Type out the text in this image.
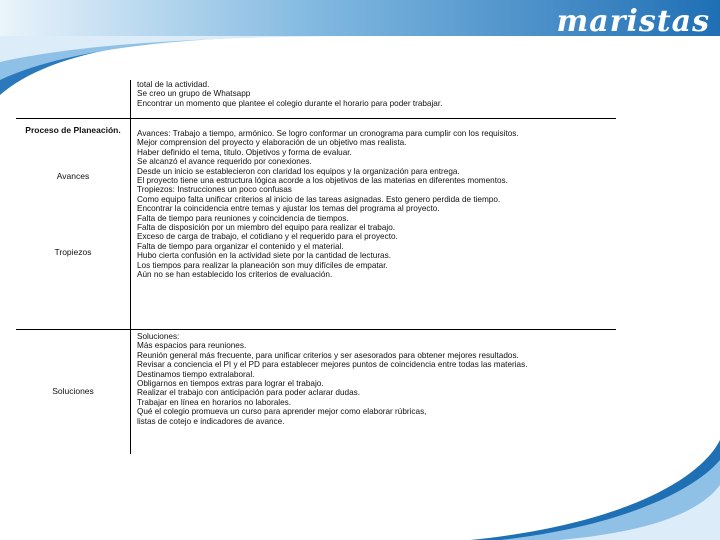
maristas
total de la actividad.
Se creo un grupo de Whatsapp
Encontrar un momento que plantee el colegio durante el horario para poder trabajar.
Proceso de Planeación.
Avances
Tropiezos
Avances: Trabajo a tiempo, armónico. Se logro conformar un cronograma para cumplir con los requisitos.
Mejor comprension del proyecto y elaboración de un objetivo mas realista.
Haber definido el tema, titulo. Objetivos y forma de evaluar.
Se alcanzó el avance requerido por conexiones.
Desde un inicio se establecieron con claridad los equipos y la organización para entrega.
El proyecto tiene una estructura lógica acorde a los objetivos de las materias en diferentes momentos.
Tropiezos: Instrucciones un poco confusas
Como equipo falta unificar criterios al inicio de las tareas asignadas. Esto genero perdida de tiempo.
Encontrar la coincidencia entre temas y ajustar los temas del programa al proyecto.
Falta de tiempo para reuniones y coincidencia de tiempos.
Falta de disposición por un miembro del equipo para realizar el trabajo.
Exceso de carga de trabajo, el cotidiano y el requerido para el proyecto.
Falta de tiempo para organizar el contenido y el material.
Hubo cierta confusión en la actividad siete por la cantidad de lecturas.
Los tiempos para realizar la planeación son muy difíciles de empatar.
Aún no se han establecido los criterios de evaluación.
Soluciones
Soluciones:
Más espacios para reuniones.
Reunión general más frecuente, para unificar criterios y ser asesorados para obtener mejores resultados.
Revisar a conciencia el PI y el PD para establecer mejores puntos de coincidencia entre todas las materias.
Destinamos tiempo extralaboral.
Obligarnos en tiempos extras para lograr el trabajo.
Realizar el trabajo con anticipación para poder aclarar dudas.
Trabajar en línea en horarios no laborales.
Qué el colegio promueva un curso para aprender mejor como elaborar rúbricas,
listas de cotejo e indicadores de avance.
